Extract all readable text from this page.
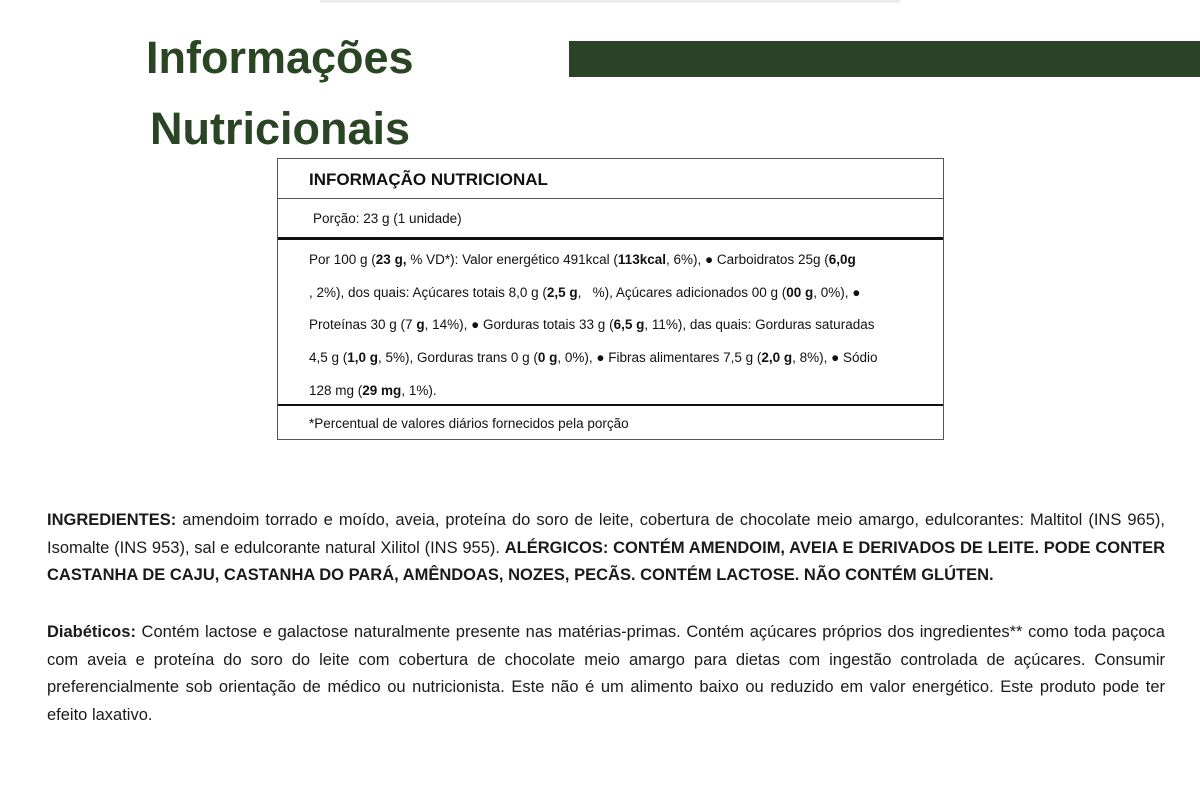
Informações
Nutricionais
INFORMAÇÃO NUTRICIONAL
Porção: 23 g (1 unidade)
Por 100 g (23 g, % VD*): Valor energético 491kcal (113kcal, 6%), ● Carboidratos 25g (6,0g
, 2%), dos quais: Açúcares totais 8,0 g (2,5 g,   %), Açúcares adicionados 00 g (00 g, 0%), ●
Proteínas 30 g (7 g, 14%), ● Gorduras totais 33 g (6,5 g, 11%), das quais: Gorduras saturadas
4,5 g (1,0 g, 5%), Gorduras trans 0 g (0 g, 0%), ● Fibras alimentares 7,5 g (2,0 g, 8%), ● Sódio
128 mg (29 mg, 1%).
*Percentual de valores diários fornecidos pela porção

INGREDIENTES: amendoim torrado e moído, aveia, proteína do soro de leite, cobertura de chocolate meio amargo, edulcorantes: Maltitol (INS 965), Isomalte (INS 953), sal e edulcorante natural Xilitol (INS 955). ALÉRGICOS: CONTÉM AMENDOIM, AVEIA E DERIVADOS DE LEITE. PODE CONTER CASTANHA DE CAJU, CASTANHA DO PARÁ, AMÊNDOAS, NOZES, PECÃS. CONTÉM LACTOSE. NÃO CONTÉM GLÚTEN.

Diabéticos: Contém lactose e galactose naturalmente presente nas matérias-primas. Contém açúcares próprios dos ingredientes** como toda paçoca com aveia e proteína do soro do leite com cobertura de chocolate meio amargo para dietas com ingestão controlada de açúcares. Consumir preferencialmente sob orientação de médico ou nutricionista. Este não é um alimento baixo ou reduzido em valor energético. Este produto pode ter efeito laxativo.
